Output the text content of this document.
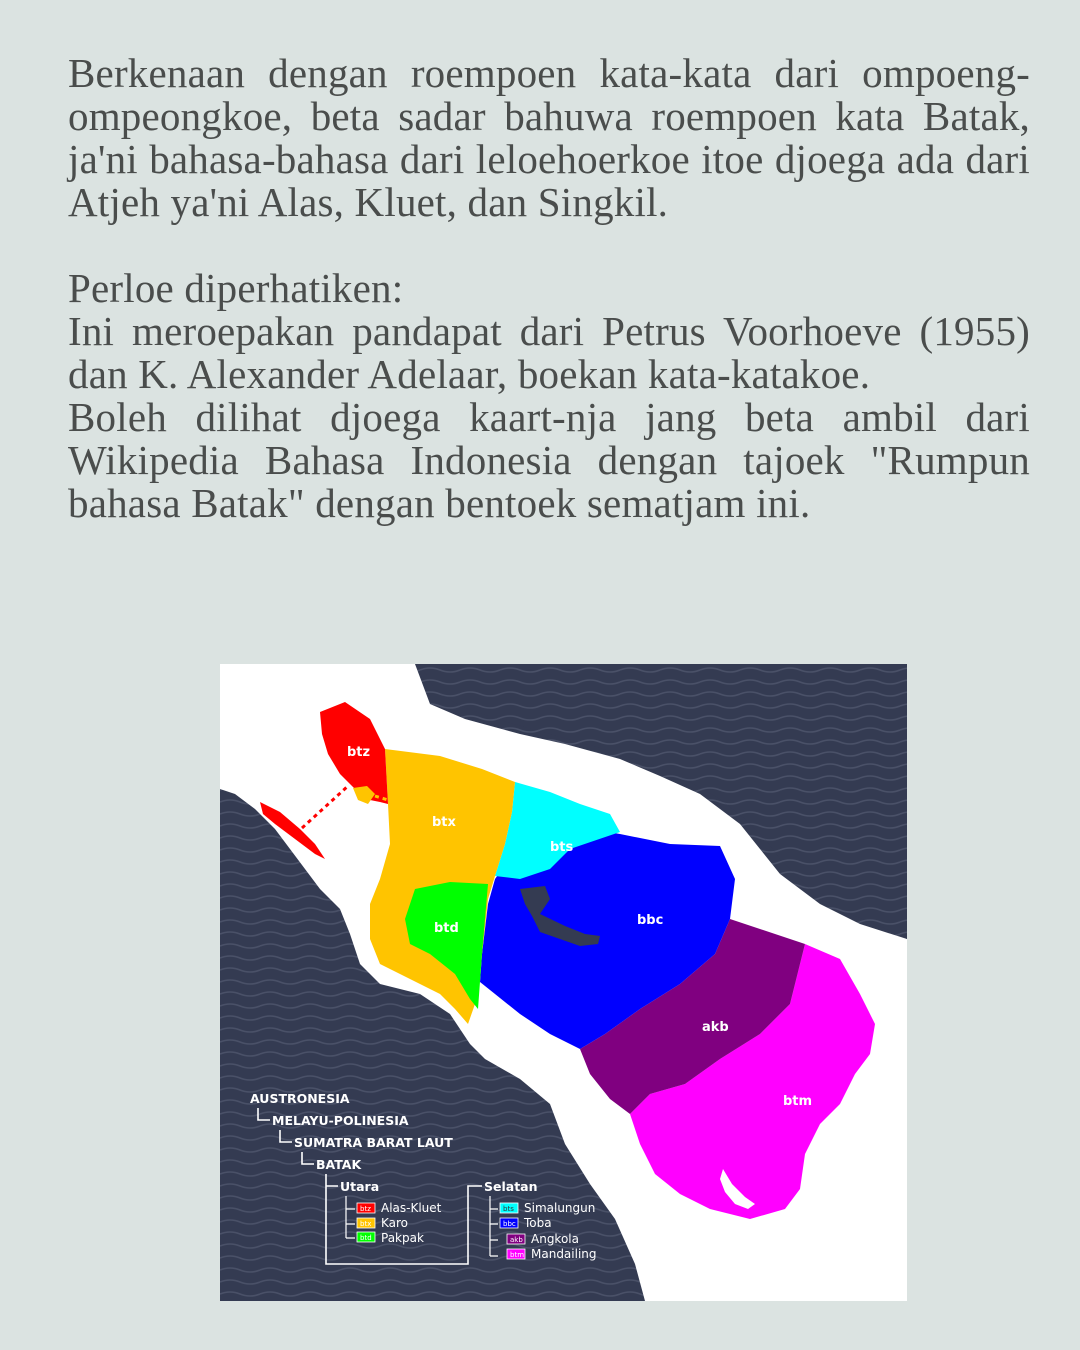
Berkenaan dengan roempoen kata-kata dari ompoeng-ompeongkoe, beta sadar bahuwa roempoen kata Batak, ja'ni bahasa-bahasa dari leloehoerkoe itoe djoega ada dari Atjeh ya'ni Alas, Kluet, dan Singkil.

Perloe diperhatiken:

Ini meroepakan pandapat dari Petrus Voorhoeve (1955) dan K. Alexander Adelaar, boekan kata-katakoe.

Boleh dilihat djoega kaart-nja jang beta ambil dari Wikipedia Bahasa Indonesia dengan tajoek "Rumpun bahasa Batak" dengan bentoek sematjam ini.

btz
btx
bts
btd
bbc
akb
btm
AUSTRONESIA
MELAYU-POLINESIA
SUMATRA BARAT LAUT
BATAK
Utara
btz Alas-Kluet
btx Karo
btd Pakpak
Selatan
bts Simalungun
bbc Toba
akb Angkola
btm Mandailing
